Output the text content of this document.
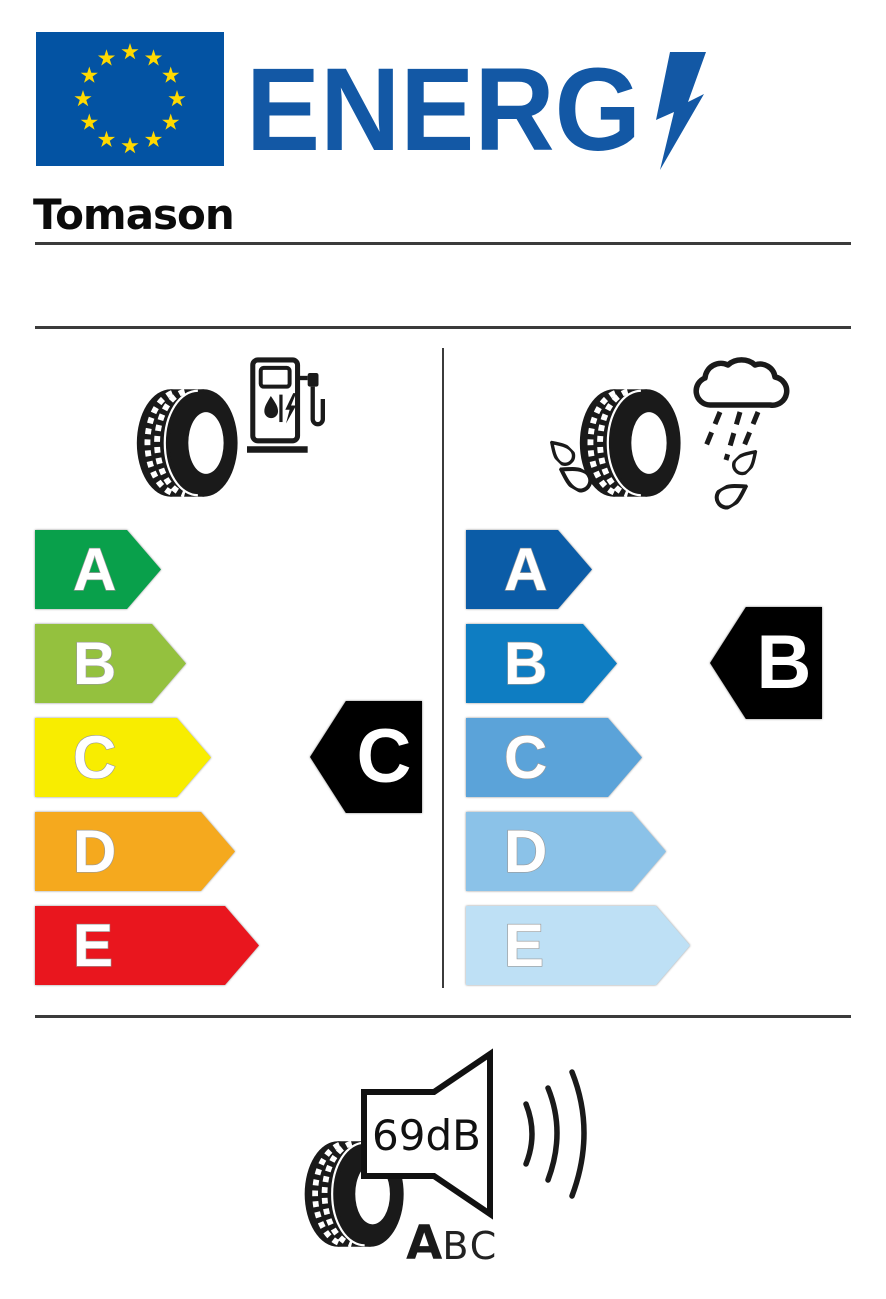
ENERG
Tomason
A
B
C
D
E
A
B
C
D
E
C
B
69dB
ABC
